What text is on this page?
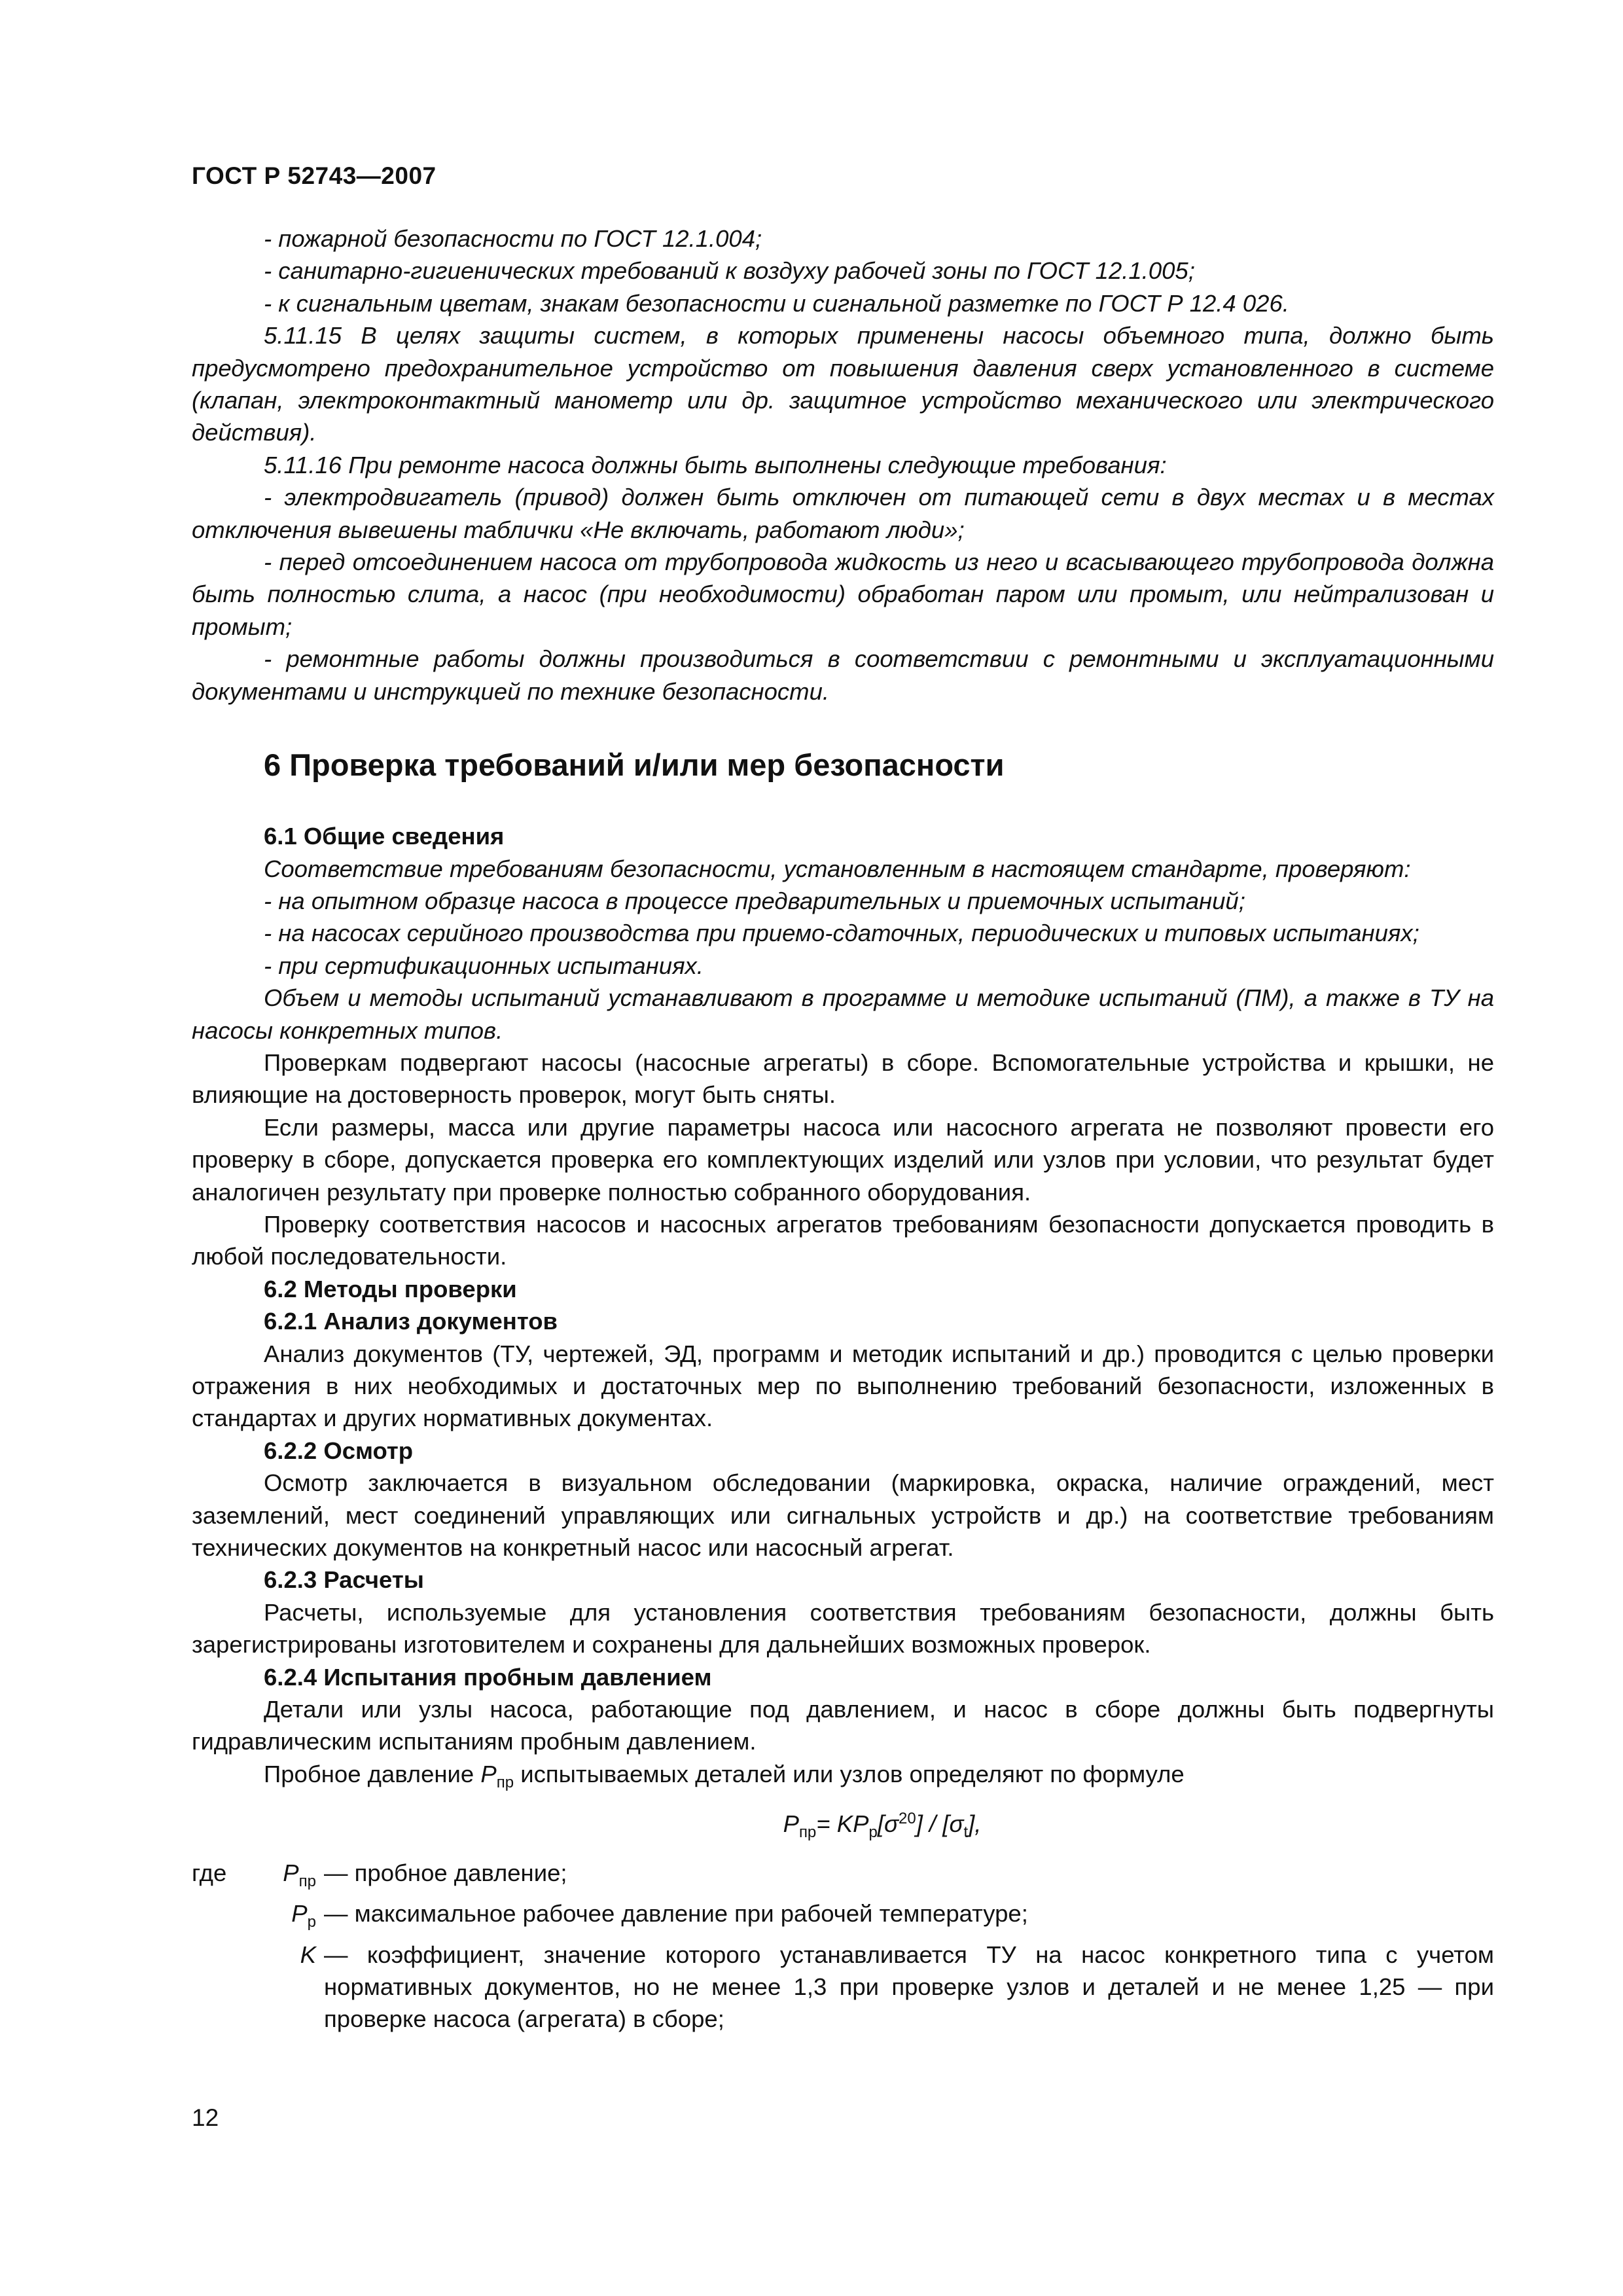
ГОСТ Р 52743—2007

- пожарной безопасности по ГОСТ 12.1.004;

- санитарно-гигиенических требований к воздуху рабочей зоны по ГОСТ 12.1.005;

- к сигнальным цветам, знакам безопасности и сигнальной разметке по ГОСТ Р 12.4 026.

5.11.15 В целях защиты систем, в которых применены насосы объемного типа, должно быть предусмотрено предохранительное устройство от повышения давления сверх установленного в системе (клапан, электроконтактный манометр или др. защитное устройство механического или электрического действия).

5.11.16 При ремонте насоса должны быть выполнены следующие требования:

- электродвигатель (привод) должен быть отключен от питающей сети в двух местах и в местах отключения вывешены таблички «Не включать, работают люди»;

- перед отсоединением насоса от трубопровода жидкость из него и всасывающего трубопровода должна быть полностью слита, а насос (при необходимости) обработан паром или промыт, или нейтрализован и промыт;

- ремонтные работы должны производиться в соответствии с ремонтными и эксплуатационными документами и инструкцией по технике безопасности.

6 Проверка требований и/или мер безопасности

6.1 Общие сведения

Соответствие требованиям безопасности, установленным в настоящем стандарте, проверяют:

- на опытном образце насоса в процессе предварительных и приемочных испытаний;

- на насосах серийного производства при приемо-сдаточных, периодических и типовых испытаниях;

- при сертификационных испытаниях.

Объем и методы испытаний устанавливают в программе и методике испытаний (ПМ), а также в ТУ на насосы конкретных типов.

Проверкам подвергают насосы (насосные агрегаты) в сборе. Вспомогательные устройства и крышки, не влияющие на достоверность проверок, могут быть сняты.

Если размеры, масса или другие параметры насоса или насосного агрегата не позволяют провести его проверку в сборе, допускается проверка его комплектующих изделий или узлов при условии, что результат будет аналогичен результату при проверке полностью собранного оборудования.

Проверку соответствия насосов и насосных агрегатов требованиям безопасности допускается проводить в любой последовательности.

6.2 Методы проверки

6.2.1 Анализ документов

Анализ документов (ТУ, чертежей, ЭД, программ и методик испытаний и др.) проводится с целью проверки отражения в них необходимых и достаточных мер по выполнению требований безопасности, изложенных в стандартах и других нормативных документах.

6.2.2 Осмотр

Осмотр заключается в визуальном обследовании (маркировка, окраска, наличие ограждений, мест заземлений, мест соединений управляющих или сигнальных устройств и др.) на соответствие требованиям технических документов на конкретный насос или насосный агрегат.

6.2.3 Расчеты

Расчеты, используемые для установления соответствия требованиям безопасности, должны быть зарегистрированы изготовителем и сохранены для дальнейших возможных проверок.

6.2.4 Испытания пробным давлением

Детали или узлы насоса, работающие под давлением, и насос в сборе должны быть подвергнуты гидравлическим испытаниям пробным давлением.

Пробное давление $P_{пр}$ испытываемых деталей или узлов определяют по формуле

$P_{пр}= KP_р[\sigma^{20}] / [\sigma_t]$,
где	$P_{пр}$ — пробное давление;
$P_р$ — максимальное рабочее давление при рабочей температуре;
K — коэффициент, значение которого устанавливается ТУ на насос конкретного типа с учетом нормативных документов, но не менее 1,3 при проверке узлов и деталей и не менее 1,25 — при проверке насоса (агрегата) в сборе;
12
